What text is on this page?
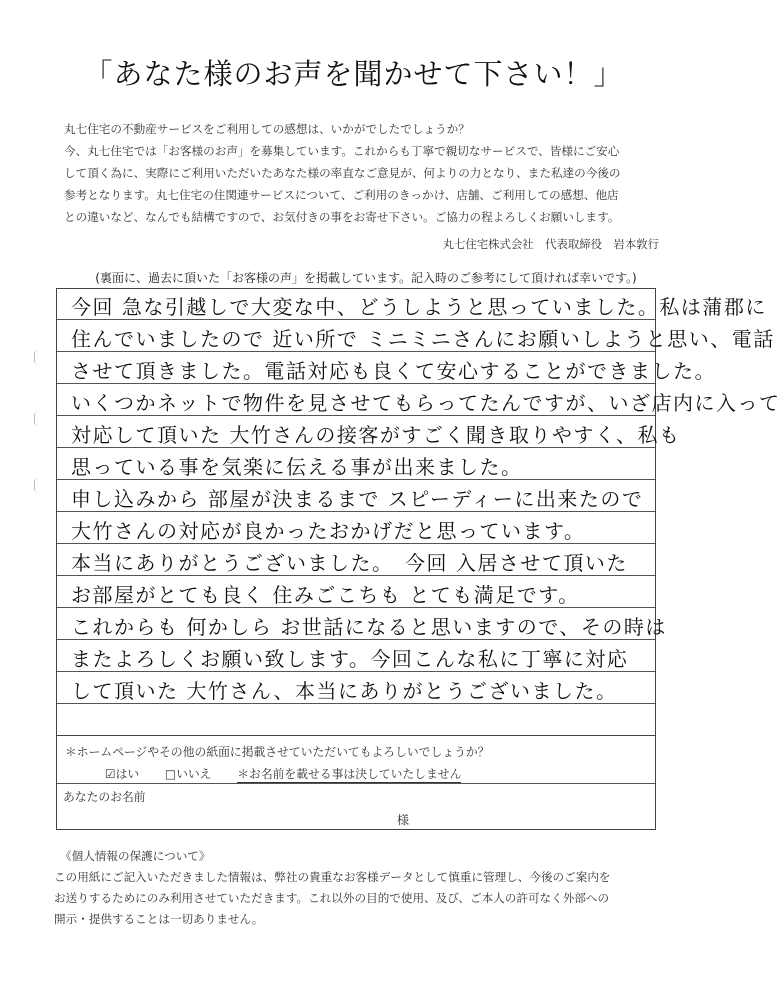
「あなた様のお声を聞かせて下さい！」

丸七住宅の不動産サービスをご利用しての感想は、いかがでしたでしょうか？

今、丸七住宅では「お客様のお声」を募集しています。これからも丁寧で親切なサービスで、皆様にご安心

して頂く為に、実際にご利用いただいたあなた様の率直なご意見が、何よりの力となり、また私達の今後の

参考となります。丸七住宅の住関連サービスについて、ご利用のきっかけ、店舗、ご利用しての感想、他店

との違いなど、なんでも結構ですので、お気付きの事をお寄せ下さい。ご協力の程よろしくお願いします。

丸七住宅株式会社　代表取締役　岩本敦行
(裏面に、過去に頂いた「お客様の声」を掲載しています。記入時のご参考にして頂ければ幸いです。)
今回 急な引越しで大変な中、どうしようと思っていました。私は蒲郡に
住んでいましたので 近い所で ミニミニさんにお願いしようと思い、電話
させて頂きました。電話対応も良くて安心することができました。
いくつかネットで物件を見させてもらってたんですが、いざ店内に入って
対応して頂いた 大竹さんの接客がすごく聞き取りやすく、私も
思っている事を気楽に伝える事が出来ました。
申し込みから 部屋が決まるまで スピーディーに出来たので
大竹さんの対応が良かったおかげだと思っています。
本当にありがとうございました。　今回 入居させて頂いた
お部屋がとても良く 住みごこちも とても満足です。
これからも 何かしら お世話になると思いますので、その時は
またよろしくお願い致します。今回こんな私に丁寧に対応
して頂いた 大竹さん、本当にありがとうございました。
＊ホームページやその他の紙面に掲載させていただいてもよろしいでしょうか？
☑はい □いいえ ＊お名前を載せる事は決していたしません
あなたのお名前
様

《個人情報の保護について》

この用紙にご記入いただきました情報は、弊社の貴重なお客様データとして慎重に管理し、今後のご案内を

お送りするためにのみ利用させていただきます。これ以外の目的で使用、及び、ご本人の許可なく外部への

開示・提供することは一切ありません。
